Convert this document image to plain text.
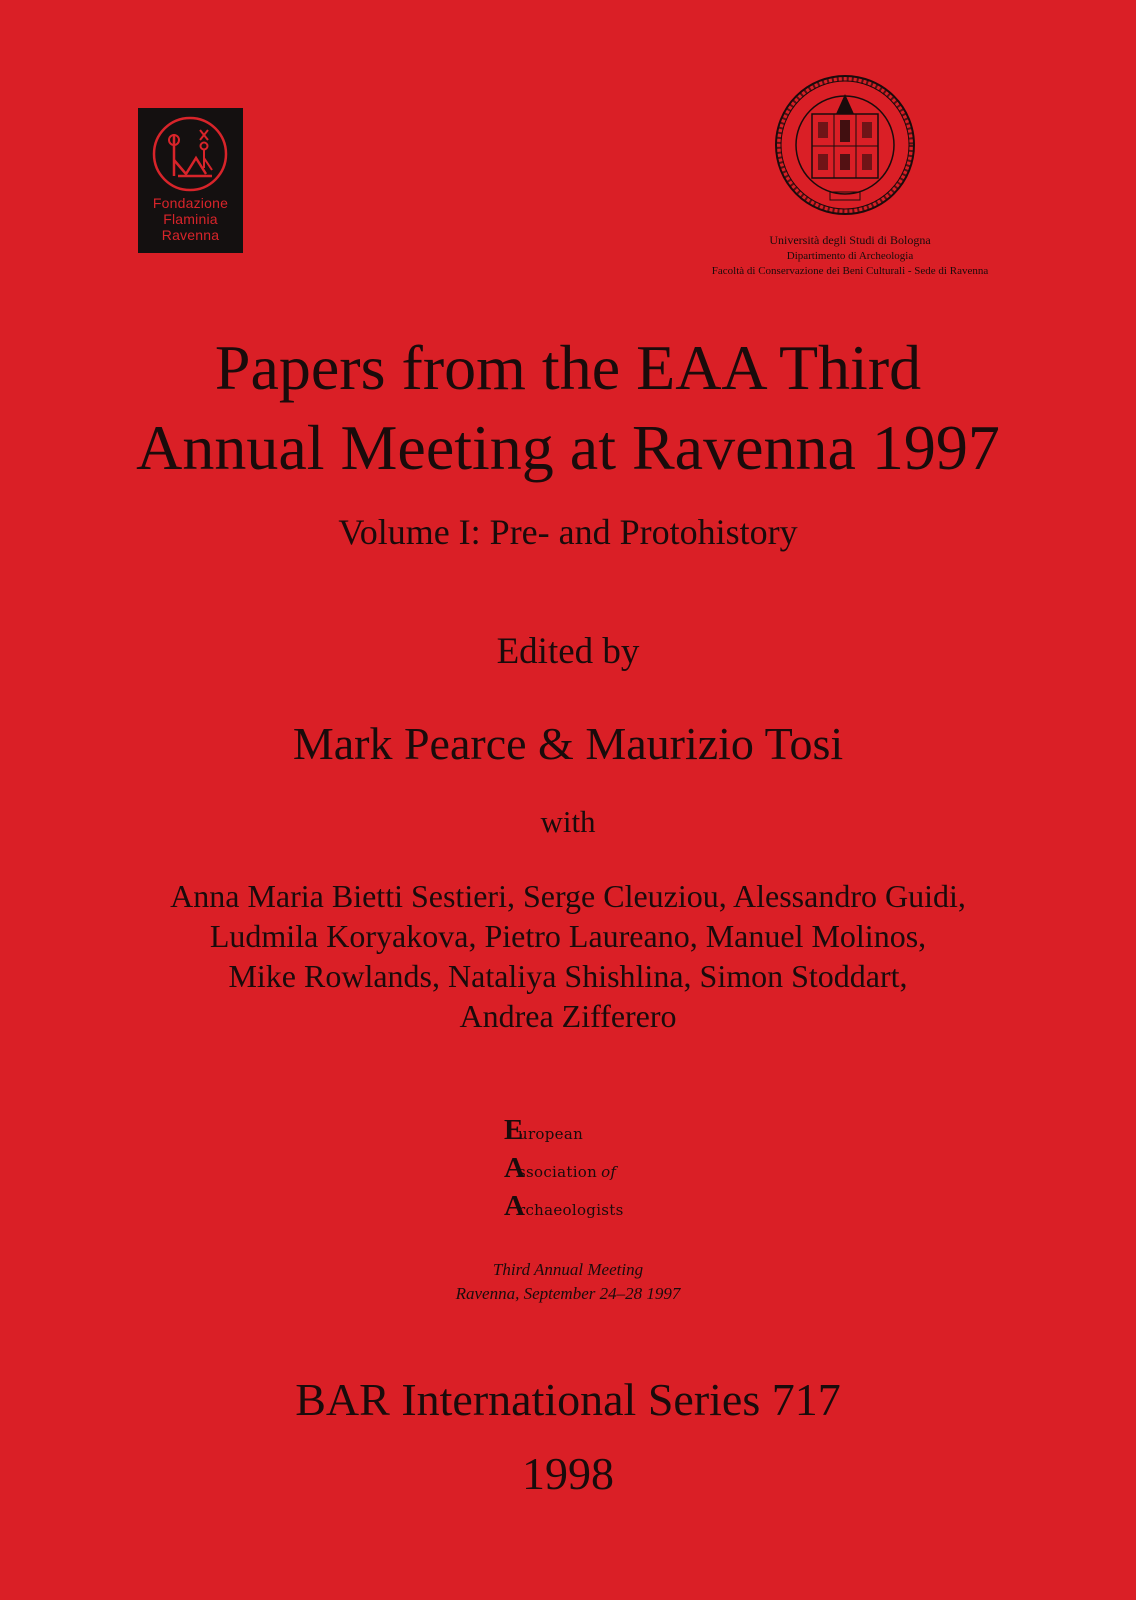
Fondazione
Flaminia
Ravenna	Università degli Studi di Bologna
Dipartimento di Archeologia
Facoltà di Conservazione dei Beni Culturali - Sede di Ravenna
Papers from the EAA Third
Annual Meeting at Ravenna 1997
Volume I: Pre- and Protohistory
Edited by
Mark Pearce & Maurizio Tosi
with
Anna Maria Bietti Sestieri, Serge Cleuziou, Alessandro Guidi,
Ludmila Koryakova, Pietro Laureano, Manuel Molinos,
Mike Rowlands, Nataliya Shishlina, Simon Stoddart,
Andrea Zifferero
European
Association of
Archaeologists
Third Annual Meeting
Ravenna, September 24–28 1997
BAR International Series 717
1998
